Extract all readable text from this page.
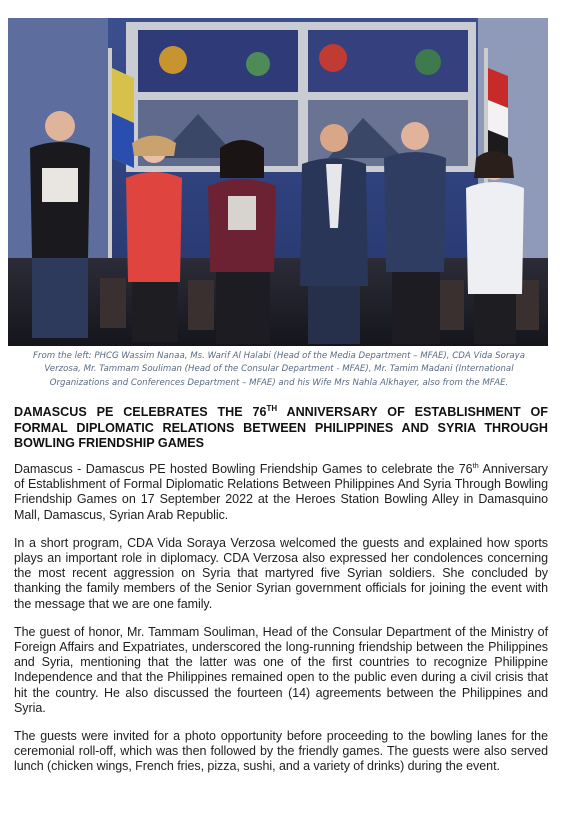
From the left: PHCG Wassim Nanaa, Ms. Warif Al Halabi (Head of the Media Department – MFAE), CDA Vida Soraya
Verzosa, Mr. Tammam Souliman (Head of the Consular Department - MFAE), Mr. Tamim Madani (International
Organizations and Conferences Department – MFAE) and his Wife Mrs Nahla Alkhayer, also from the MFAE.
DAMASCUS PE CELEBRATES THE 76TH ANNIVERSARY OF ESTABLISHMENT OF FORMAL DIPLOMATIC RELATIONS BETWEEN PHILIPPINES AND SYRIA THROUGH BOWLING FRIENDSHIP GAMES

Damascus - Damascus PE hosted Bowling Friendship Games to celebrate the 76th Anniversary of Establishment of Formal Diplomatic Relations Between Philippines And Syria Through Bowling Friendship Games on 17 September 2022 at the Heroes Station Bowling Alley in Damasquino Mall, Damascus, Syrian Arab Republic.

In a short program, CDA Vida Soraya Verzosa welcomed the guests and explained how sports plays an important role in diplomacy. CDA Verzosa also expressed her condolences concerning the most recent aggression on Syria that martyred five Syrian soldiers. She concluded by thanking the family members of the Senior Syrian government officials for joining the event with the message that we are one family.

The guest of honor, Mr. Tammam Souliman, Head of the Consular Department of the Ministry of Foreign Affairs and Expatriates, underscored the long-running friendship between the Philippines and Syria, mentioning that the latter was one of the first countries to recognize Philippine Independence and that the Philippines remained open to the public even during a civil crisis that hit the country. He also discussed the fourteen (14) agreements between the Philippines and Syria.

The guests were invited for a photo opportunity before proceeding to the bowling lanes for the ceremonial roll-off, which was then followed by the friendly games. The guests were also served lunch (chicken wings, French fries, pizza, sushi, and a variety of drinks) during the event.
